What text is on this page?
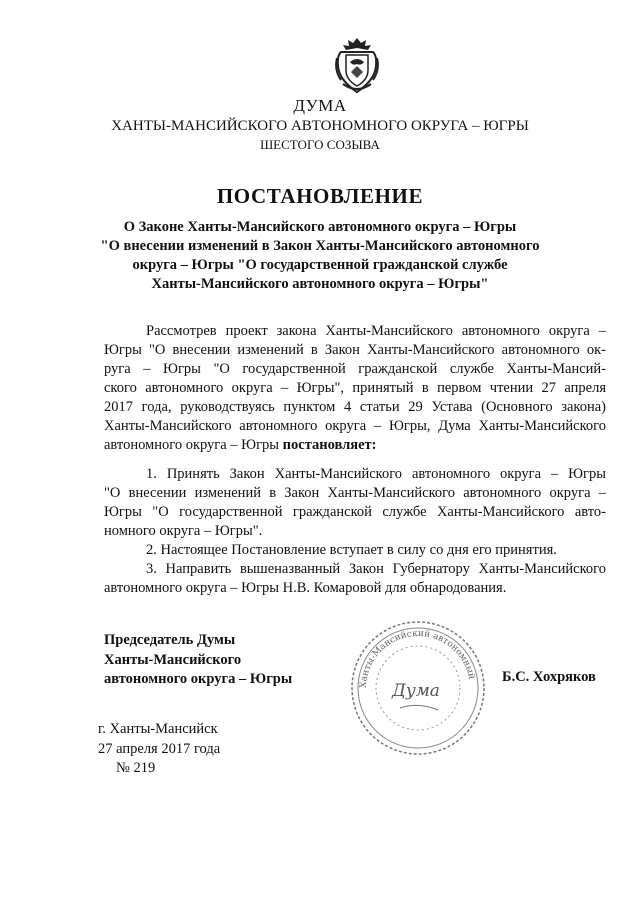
ДУМА
ХАНТЫ-МАНСИЙСКОГО АВТОНОМНОГО ОКРУГА – ЮГРЫ
ШЕСТОГО СОЗЫВА
ПОСТАНОВЛЕНИЕ
О Законе Ханты-Мансийского автономного округа – Югры
"О внесении изменений в Закон Ханты-Мансийского автономного
округа – Югры "О государственной гражданской службе
Ханты-Мансийского автономного округа – Югры"
Рассмотрев проект закона Ханты-Мансийского автономного округа –
Югры "О внесении изменений в Закон Ханты-Мансийского автономного ок-
руга – Югры "О государственной гражданской службе Ханты-Мансий-
ского автономного округа – Югры", принятый в первом чтении 27 апреля
2017 года, руководствуясь пунктом 4 статьи 29 Устава (Основного закона)
Ханты-Мансийского автономного округа – Югры, Дума Ханты-Мансийского
автономного округа – Югры постановляет:
1. Принять Закон Ханты-Мансийского автономного округа – Югры
"О внесении изменений в Закон Ханты-Мансийского автономного округа –
Югры "О государственной гражданской службе Ханты-Мансийского авто-
номного округа – Югры".
2. Настоящее Постановление вступает в силу со дня его принятия.
3. Направить вышеназванный Закон Губернатору Ханты-Мансийского
автономного округа – Югры Н.В. Комаровой для обнародования.
Председатель Думы
Ханты-Мансийского
автономного округа – Югры	Ханты-Мансийский автономный
Дума
Б.С. Хохряков
г. Ханты-Мансийск
27 апреля 2017 года
№ 219
